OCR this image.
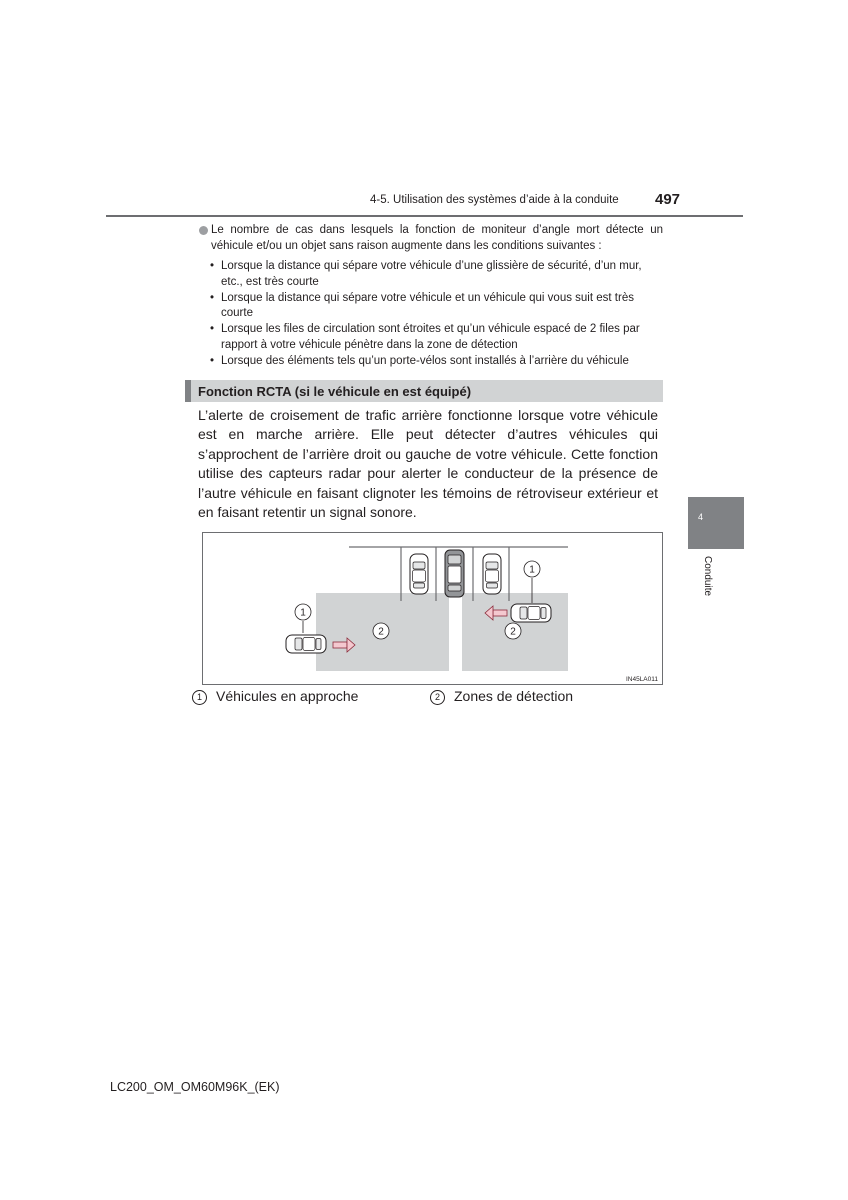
4-5. Utilisation des systèmes d’aide à la conduite 497
4
Conduite
Le nombre de cas dans lesquels la fonction de moniteur d’angle mort détecte un véhicule et/ou un objet sans raison augmente dans les conditions suivantes :
• Lorsque la distance qui sépare votre véhicule d’une glissière de sécurité, d’un mur, etc., est très courte
• Lorsque la distance qui sépare votre véhicule et un véhicule qui vous suit est très courte
• Lorsque les files de circulation sont étroites et qu’un véhicule espacé de 2 files par rapport à votre véhicule pénètre dans la zone de détection
• Lorsque des éléments tels qu’un porte-vélos sont installés à l’arrière du véhicule
Fonction RCTA (si le véhicule en est équipé)
L’alerte de croisement de trafic arrière fonctionne lorsque votre véhicule est en marche arrière. Elle peut détecter d’autres véhicules qui s’approchent de l’arrière droit ou gauche de votre véhicule. Cette fonction utilise des capteurs radar pour alerter le conducteur de la présence de l’autre véhicule en faisant clignoter les témoins de rétroviseur extérieur et en faisant retentir un signal sonore.
1
2
1
2
IN45LA011
1 Véhicules en approche	2 Zones de détection
LC200_OM_OM60M96K_(EK)
